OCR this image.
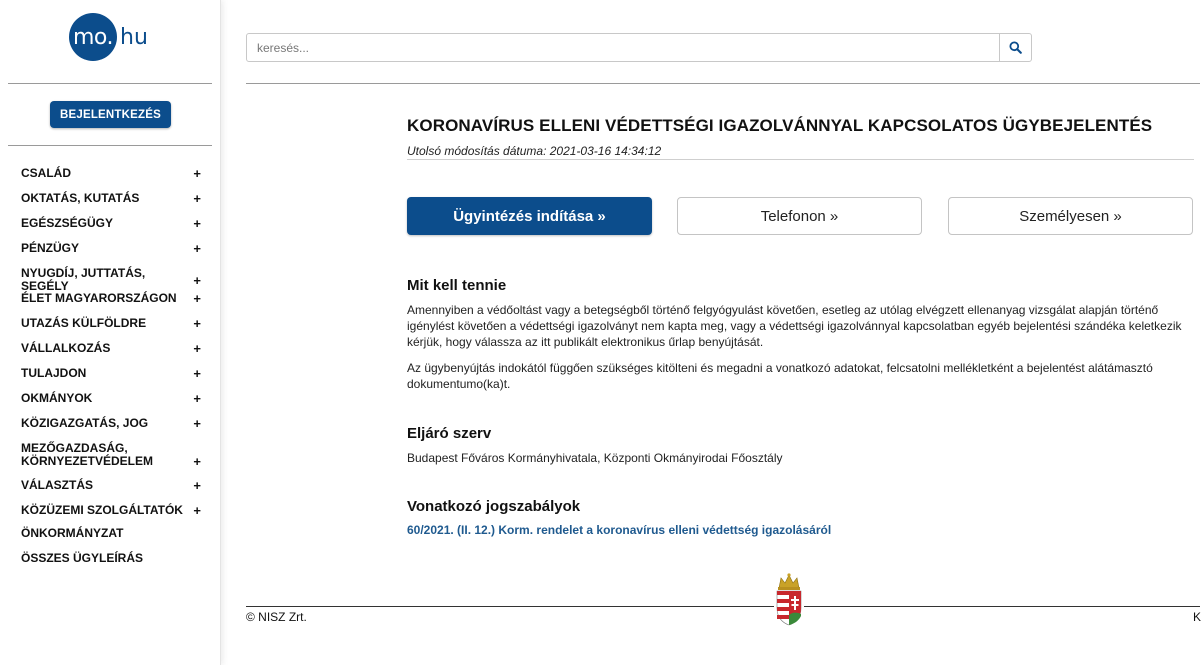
mo. hu
BEJELENTKEZÉS
CSALÁD	+
OKTATÁS, KUTATÁS	+
EGÉSZSÉGÜGY	+
PÉNZÜGY	+
NYUGDÍJ, JUTTATÁS, SEGÉLY	+
ÉLET MAGYARORSZÁGON +
UTAZÁS KÜLFÖLDRE	+
VÁLLALKOZÁS	+
TULAJDON	+
OKMÁNYOK	+
KÖZIGAZGATÁS, JOG	+
MEZŐGAZDASÁG,
KÖRNYEZETVÉDELEM	+
VÁLASZTÁS	+
KÖZÜZEMI SZOLGÁLTATÓK +
ÖNKORMÁNYZAT
ÖSSZES ÜGYLEÍRÁS
keresés...
KORONAVÍRUS ELLENI VÉDETTSÉGI IGAZOLVÁNNYAL KAPCSOLATOS ÜGYBEJELENTÉS
Utolsó módosítás dátuma: 2021-03-16 14:34:12
Ügyintézés indítása »	Telefonon »	Személyesen »
Mit kell tennie

Amennyiben a védőoltást vagy a betegségből történő felgyógyulást követően, esetleg az utólag elvégzett ellenanyag vizsgálat alapján történő igénylést követően a védettségi igazolványt nem kapta meg, vagy a védettségi igazolvánnyal kapcsolatban egyéb bejelentési szándéka keletkezik kérjük, hogy válassza az itt publikált elektronikus űrlap benyújtását.

Az ügybenyújtás indokától függően szükséges kitölteni és megadni a vonatkozó adatokat, felcsatolni mellékletként a bejelentést alátámasztó dokumentumo(ka)t.

Eljáró szerv

Budapest Főváros Kormányhivatala, Központi Okmányirodai Főosztály

Vonatkozó jogszabályok
60/2021. (II. 12.) Korm. rendelet a koronavírus elleni védettség igazolásáról
© NISZ Zrt.	K
